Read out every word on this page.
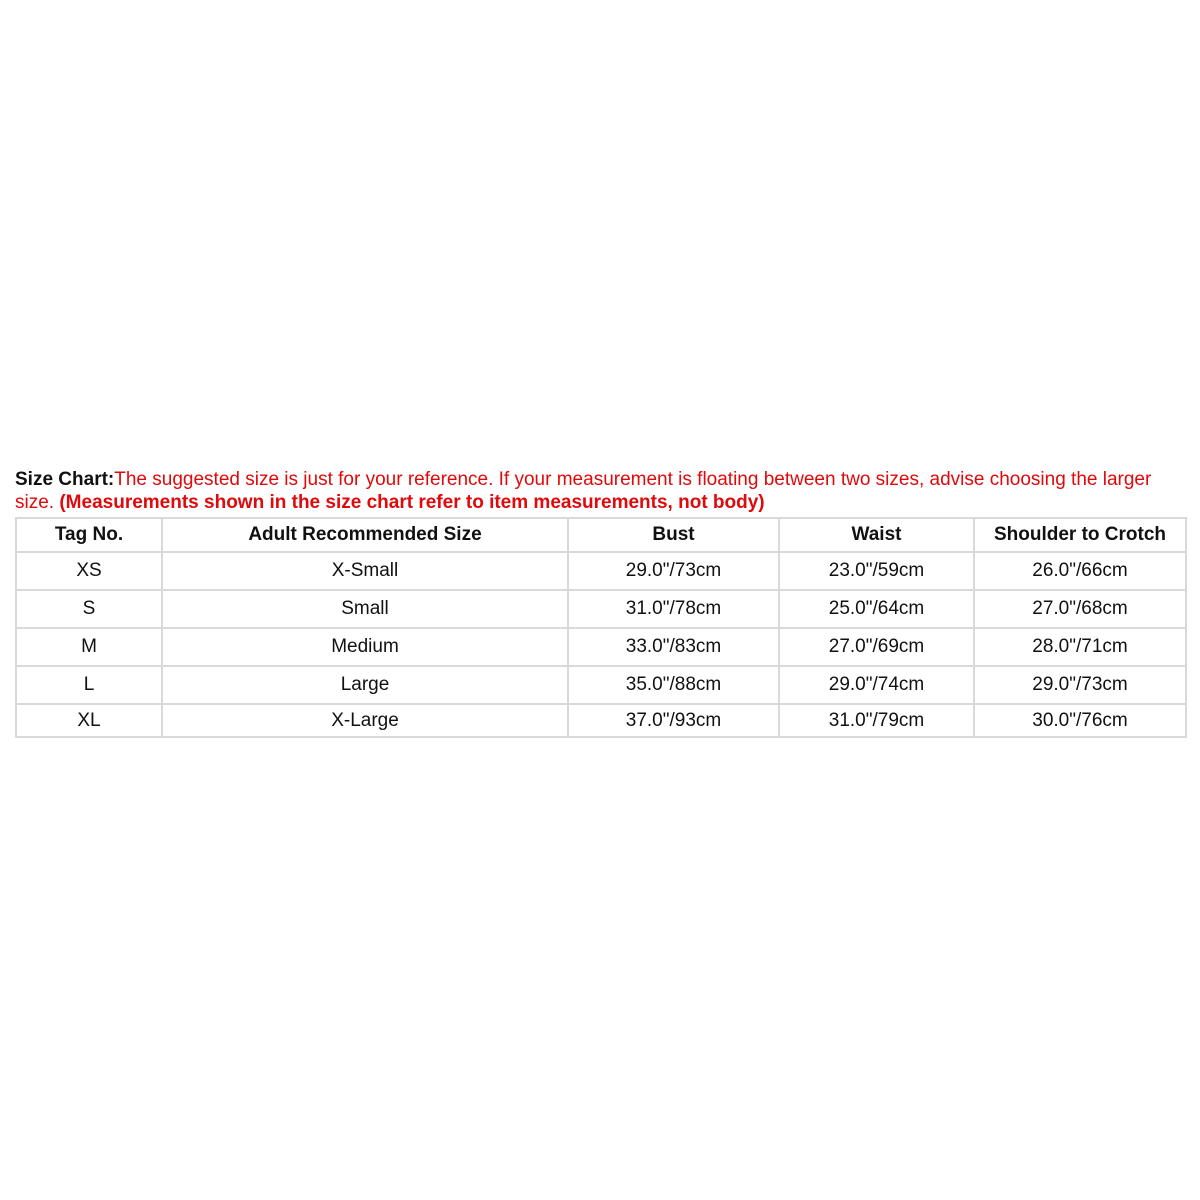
Size Chart:The suggested size is just for your reference. If your measurement is floating between two sizes, advise choosing the larger size. (Measurements shown in the size chart refer to item measurements, not body)

Tag No.	Adult Recommended Size	Bust	Waist	Shoulder to Crotch
XS	X-Small	29.0"/73cm	23.0"/59cm	26.0"/66cm
S	Small	31.0"/78cm	25.0"/64cm	27.0"/68cm
M	Medium	33.0"/83cm	27.0"/69cm	28.0"/71cm
L	Large	35.0"/88cm	29.0"/74cm	29.0"/73cm
XL	X-Large	37.0"/93cm	31.0"/79cm	30.0"/76cm
